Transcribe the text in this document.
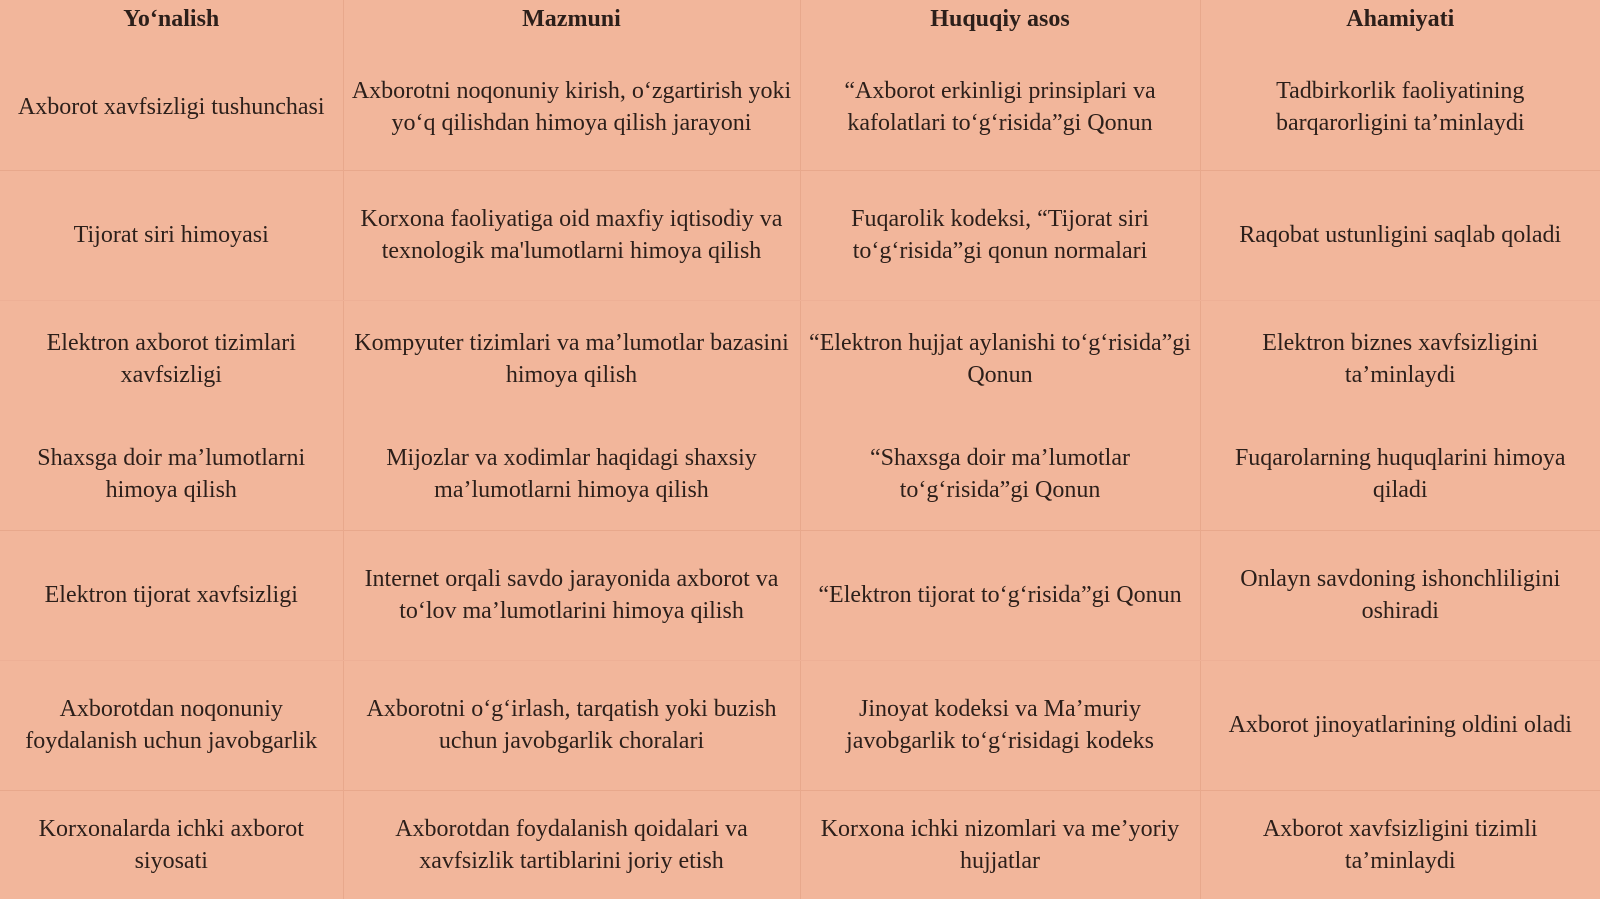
Yo‘nalish	Mazmuni	Huquqiy asos	Ahamiyati
Axborot xavfsizligi tushunchasi	Axborotni noqonuniy kirish, o‘zgartirish yoki yo‘q qilishdan himoya qilish jarayoni	“Axborot erkinligi prinsiplari va kafolatlari to‘g‘risida”gi Qonun	Tadbirkorlik faoliyatining barqarorligini ta’minlaydi
Tijorat siri himoyasi	Korxona faoliyatiga oid maxfiy iqtisodiy va texnologik ma'lumotlarni himoya qilish	Fuqarolik kodeksi, “Tijorat siri to‘g‘risida”gi qonun normalari	Raqobat ustunligini saqlab qoladi
Elektron axborot tizimlari xavfsizligi	Kompyuter tizimlari va ma’lumotlar bazasini himoya qilish	“Elektron hujjat aylanishi to‘g‘risida”gi Qonun	Elektron biznes xavfsizligini ta’minlaydi
Shaxsga doir ma’lumotlarni himoya qilish	Mijozlar va xodimlar haqidagi shaxsiy ma’lumotlarni himoya qilish	“Shaxsga doir ma’lumotlar to‘g‘risida”gi Qonun	Fuqarolarning huquqlarini himoya qiladi
Elektron tijorat xavfsizligi	Internet orqali savdo jarayonida axborot va to‘lov ma’lumotlarini himoya qilish	“Elektron tijorat to‘g‘risida”gi Qonun	Onlayn savdoning ishonchliligini oshiradi
Axborotdan noqonuniy foydalanish uchun javobgarlik	Axborotni o‘g‘irlash, tarqatish yoki buzish uchun javobgarlik choralari	Jinoyat kodeksi va Ma’muriy javobgarlik to‘g‘risidagi kodeks	Axborot jinoyatlarining oldini oladi
Korxonalarda ichki axborot siyosati	Axborotdan foydalanish qoidalari va xavfsizlik tartiblarini joriy etish	Korxona ichki nizomlari va me’yoriy hujjatlar	Axborot xavfsizligini tizimli ta’minlaydi
